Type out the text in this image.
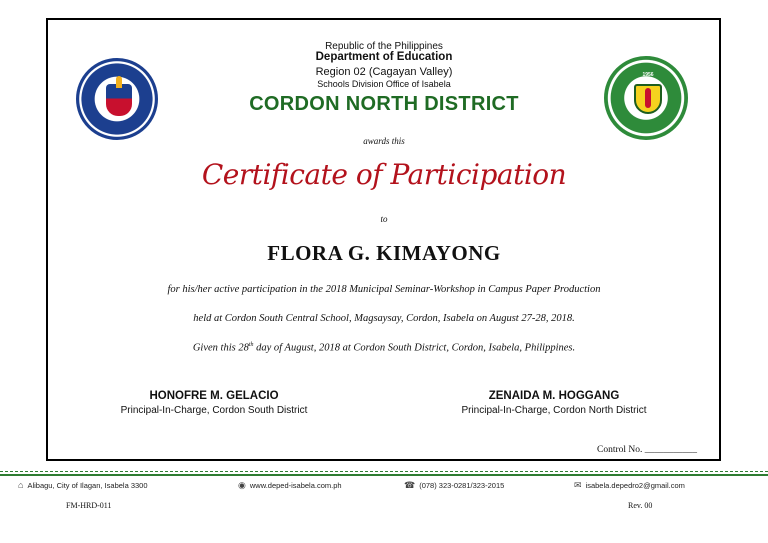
1956
Republic of the Philippines
Department of Education
Region 02 (Cagayan Valley)
Schools Division Office of Isabela
CORDON NORTH DISTRICT
awards this
Certificate of Participation
to
FLORA G. KIMAYONG
for his/her active participation in the 2018 Municipal Seminar-Workshop in Campus Paper Production
held at Cordon South Central School, Magsaysay, Cordon, Isabela on August 27-28, 2018.
Given this 28th day of August, 2018 at Cordon South District, Cordon, Isabela, Philippines.
HONOFRE M. GELACIO
Principal-In-Charge, Cordon South District
ZENAIDA M. HOGGANG
Principal-In-Charge, Cordon North District
Control No. ___________
⌂ Alibagu, City of Ilagan, Isabela 3300	◉ www.deped-isabela.com.ph	☎ (078) 323-0281/323-2015	✉ isabela.depedro2@gmail.com
FM-HRD-011	Rev. 00
